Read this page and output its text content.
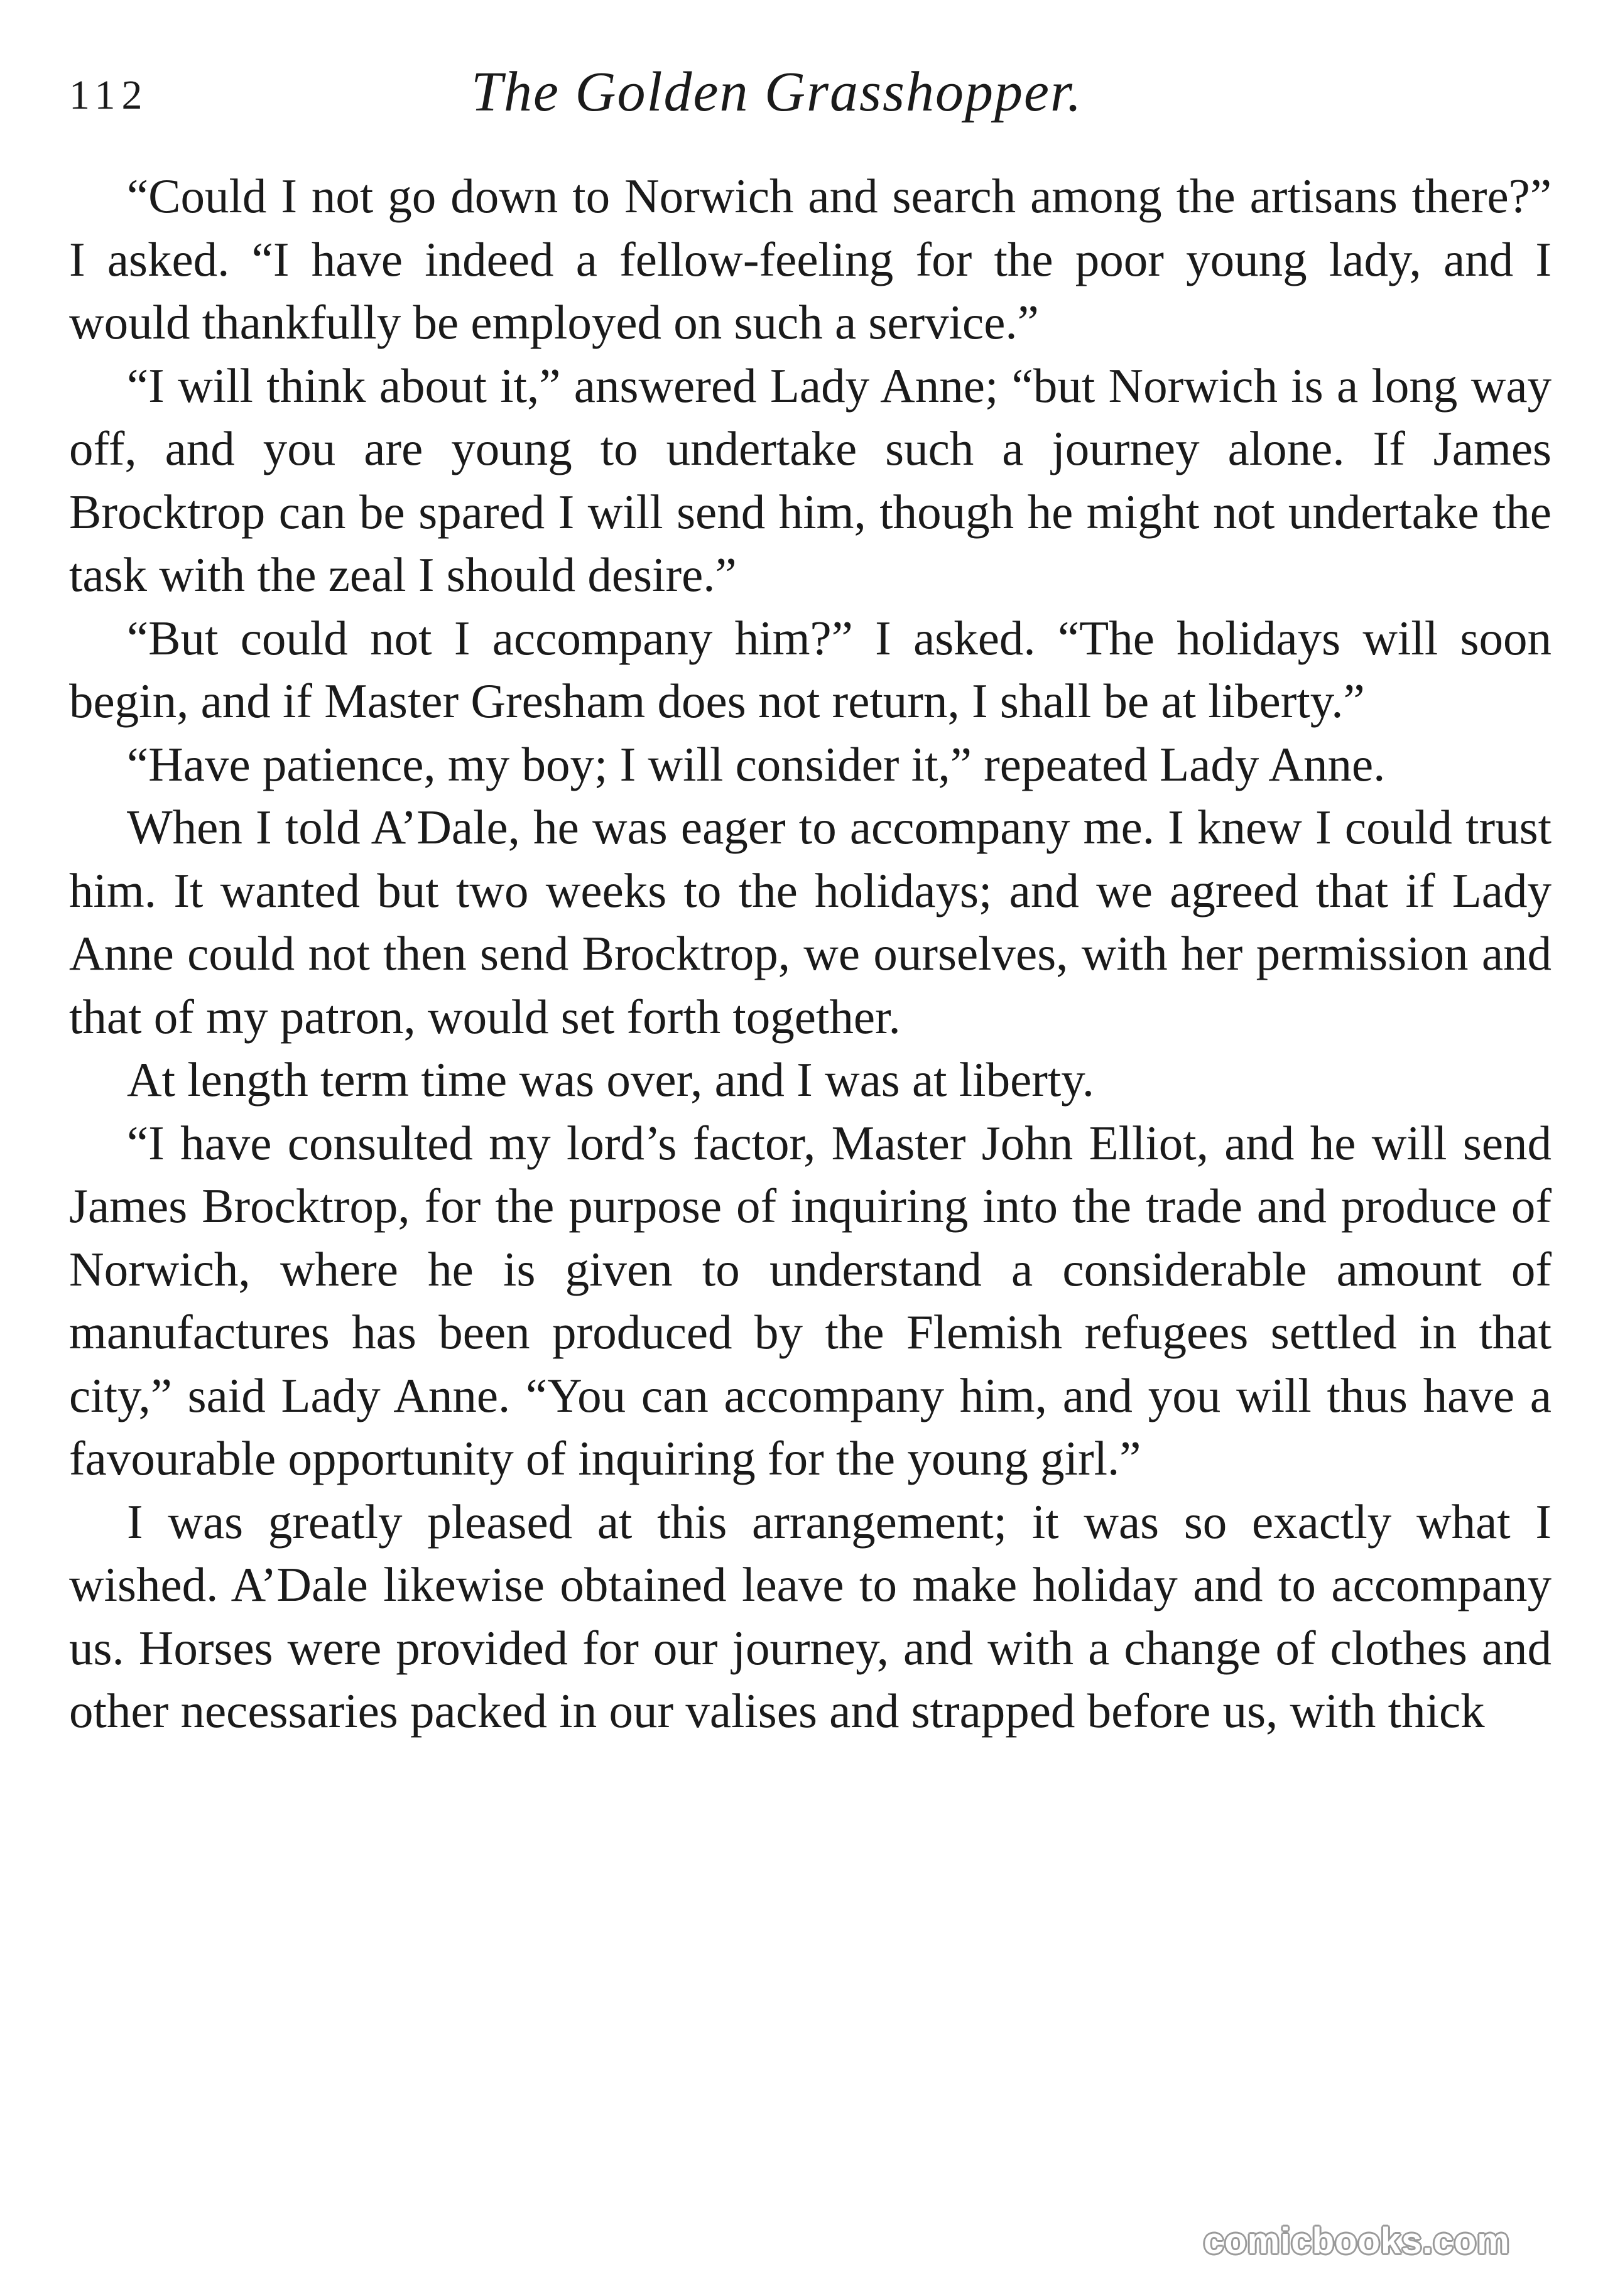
112	The Golden Grasshopper.

“Could I not go down to Norwich and search among the artisans there?” I asked. “I have indeed a fellow-feeling for the poor young lady, and I would thankfully be employed on such a service.”

“I will think about it,” answered Lady Anne; “but Norwich is a long way off, and you are young to undertake such a journey alone. If James Brocktrop can be spared I will send him, though he might not undertake the task with the zeal I should desire.”

“But could not I accompany him?” I asked. “The holidays will soon begin, and if Master Gresham does not return, I shall be at liberty.”

“Have patience, my boy; I will consider it,” repeated Lady Anne.

When I told A’Dale, he was eager to accompany me. I knew I could trust him. It wanted but two weeks to the holidays; and we agreed that if Lady Anne could not then send Brocktrop, we ourselves, with her permission and that of my patron, would set forth together.

At length term time was over, and I was at liberty.

“I have consulted my lord’s factor, Master John Elliot, and he will send James Brocktrop, for the purpose of inquiring into the trade and produce of Norwich, where he is given to understand a considerable amount of manufactures has been produced by the Flemish refugees settled in that city,” said Lady Anne. “You can accompany him, and you will thus have a favourable opportunity of inquiring for the young girl.”

I was greatly pleased at this arrangement; it was so exactly what I wished. A’Dale likewise obtained leave to make holiday and to accompany us. Horses were provided for our journey, and with a change of clothes and other necessaries packed in our valises and strapped before us, with thick

comicbooks.com
